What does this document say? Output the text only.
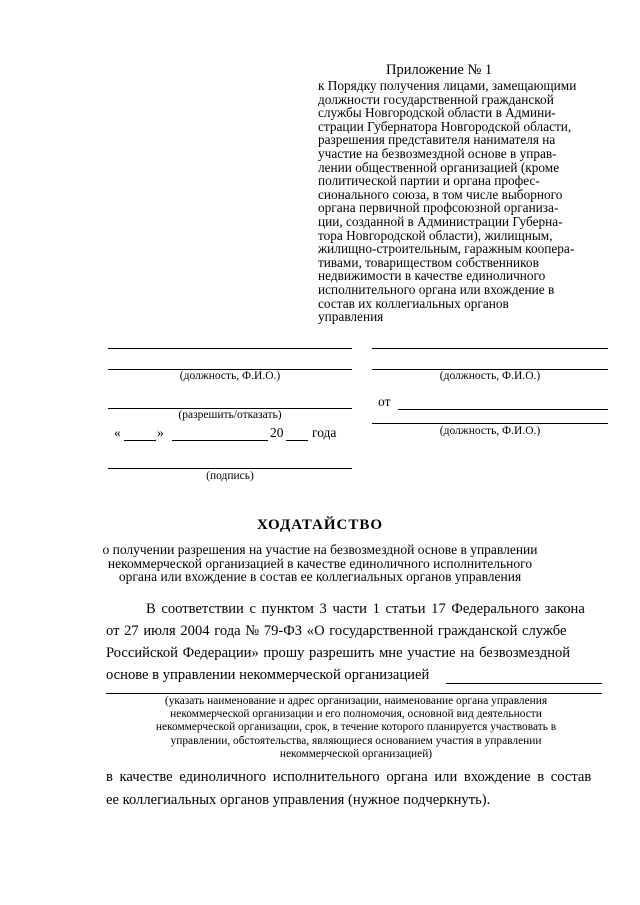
Приложение № 1
к Порядку получения лицами, замещающими
должности государственной гражданской
службы Новгородской области в Админи-
страции Губернатора Новгородской области,
разрешения представителя нанимателя на
участие на безвозмездной основе в управ-
лении общественной организацией (кроме
политической партии и органа профес-
сионального союза, в том числе выборного
органа первичной профсоюзной организа-
ции, созданной в Администрации Губерна-
тора Новгородской области), жилищным,
жилищно-строительным, гаражным коопера-
тивами, товариществом собственников
недвижимости в качестве единоличного
исполнительного органа или вхождение в
состав их коллегиальных органов
управления
(должность, Ф.И.О.)
(разрешить/отказать)
«	»	20 года
(подпись)
(должность, Ф.И.О.)
от
(должность, Ф.И.О.)
ХОДАТАЙСТВО
о получении разрешения на участие на безвозмездной основе в управлении
некоммерческой организацией в качестве единоличного исполнительного
органа или вхождение в состав ее коллегиальных органов управления
В соответствии с пунктом 3 части 1 статьи 17 Федерального закона
от 27 июля 2004 года № 79-ФЗ «О государственной гражданской службе
Российской Федерации» прошу разрешить мне участие на безвозмездной
основе в управлении некоммерческой организацией
(указать наименование и адрес организации, наименование органа управления
некоммерческой организации и его полномочия, основной вид деятельности
некоммерческой организации, срок, в течение которого планируется участвовать в
управлении, обстоятельства, являющиеся основанием участия в управлении
некоммерческой организацией)
в качестве единоличного исполнительного органа или вхождение в состав
ее коллегиальных органов управления (нужное подчеркнуть).
